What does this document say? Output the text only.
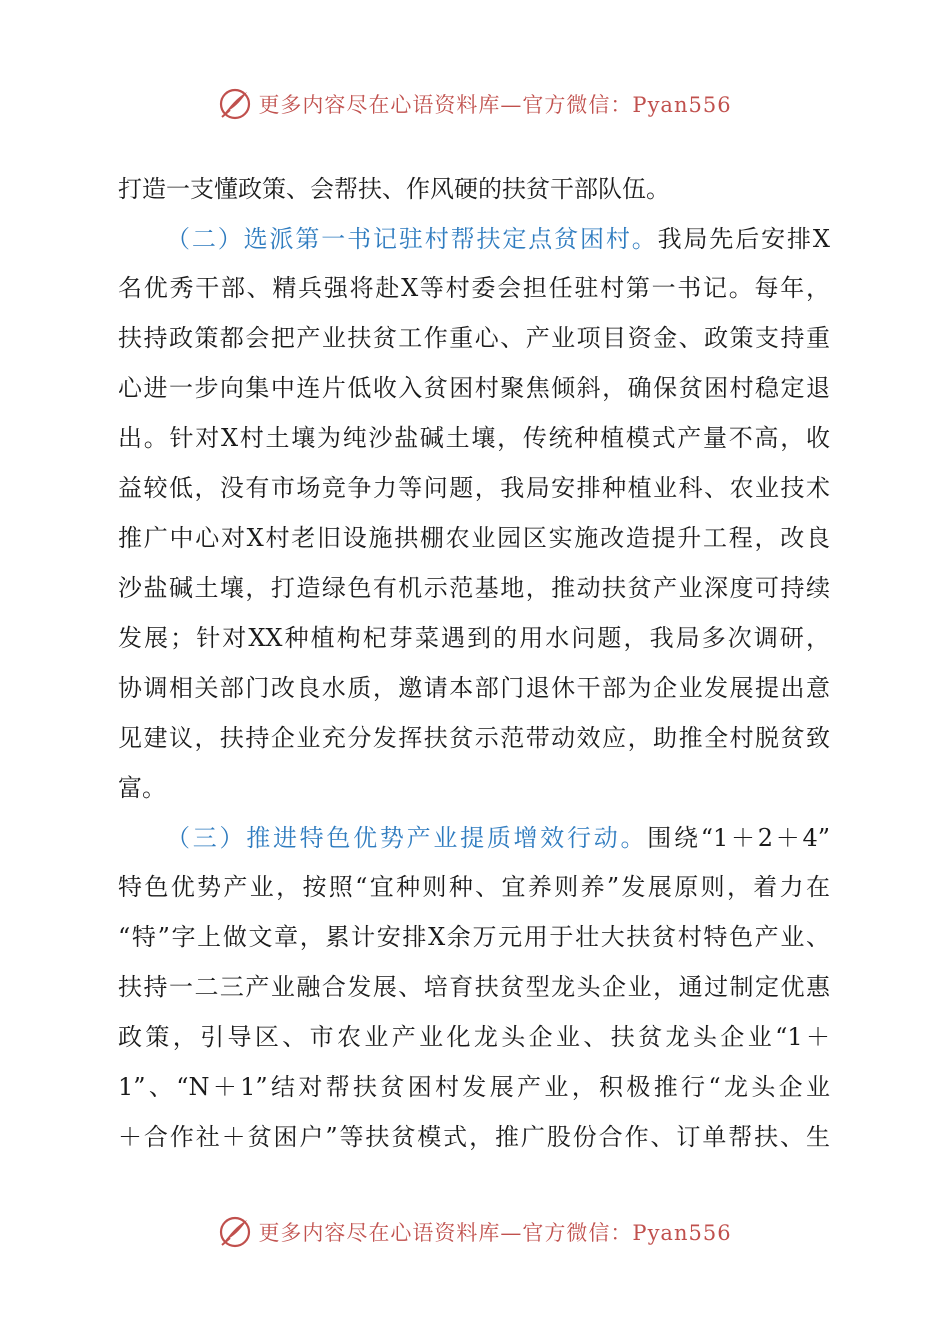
更多内容尽在心语资料库—官方微信：Pyan556

打造一支懂政策、会帮扶、作风硬的扶贫干部队伍。

（二）选派第一书记驻村帮扶定点贫困村。我局先后安排X

名优秀干部、精兵强将赴X等村委会担任驻村第一书记。每年，

扶持政策都会把产业扶贫工作重心、产业项目资金、政策支持重

心进一步向集中连片低收入贫困村聚焦倾斜，确保贫困村稳定退

出。针对X村土壤为纯沙盐碱土壤，传统种植模式产量不高，收

益较低，没有市场竞争力等问题，我局安排种植业科、农业技术

推广中心对X村老旧设施拱棚农业园区实施改造提升工程，改良

沙盐碱土壤，打造绿色有机示范基地，推动扶贫产业深度可持续

发展；针对XX种植枸杞芽菜遇到的用水问题，我局多次调研，

协调相关部门改良水质，邀请本部门退休干部为企业发展提出意

见建议，扶持企业充分发挥扶贫示范带动效应，助推全村脱贫致

富。

（三）推进特色优势产业提质增效行动。围绕“1＋2＋4”

特色优势产业，按照“宜种则种、宜养则养”发展原则，着力在

“特”字上做文章，累计安排X余万元用于壮大扶贫村特色产业、

扶持一二三产业融合发展、培育扶贫型龙头企业，通过制定优惠

政策，引导区、市农业产业化龙头企业、扶贫龙头企业“1＋

1”、“N＋1”结对帮扶贫困村发展产业，积极推行“龙头企业

＋合作社＋贫困户”等扶贫模式，推广股份合作、订单帮扶、生

更多内容尽在心语资料库—官方微信：Pyan556
